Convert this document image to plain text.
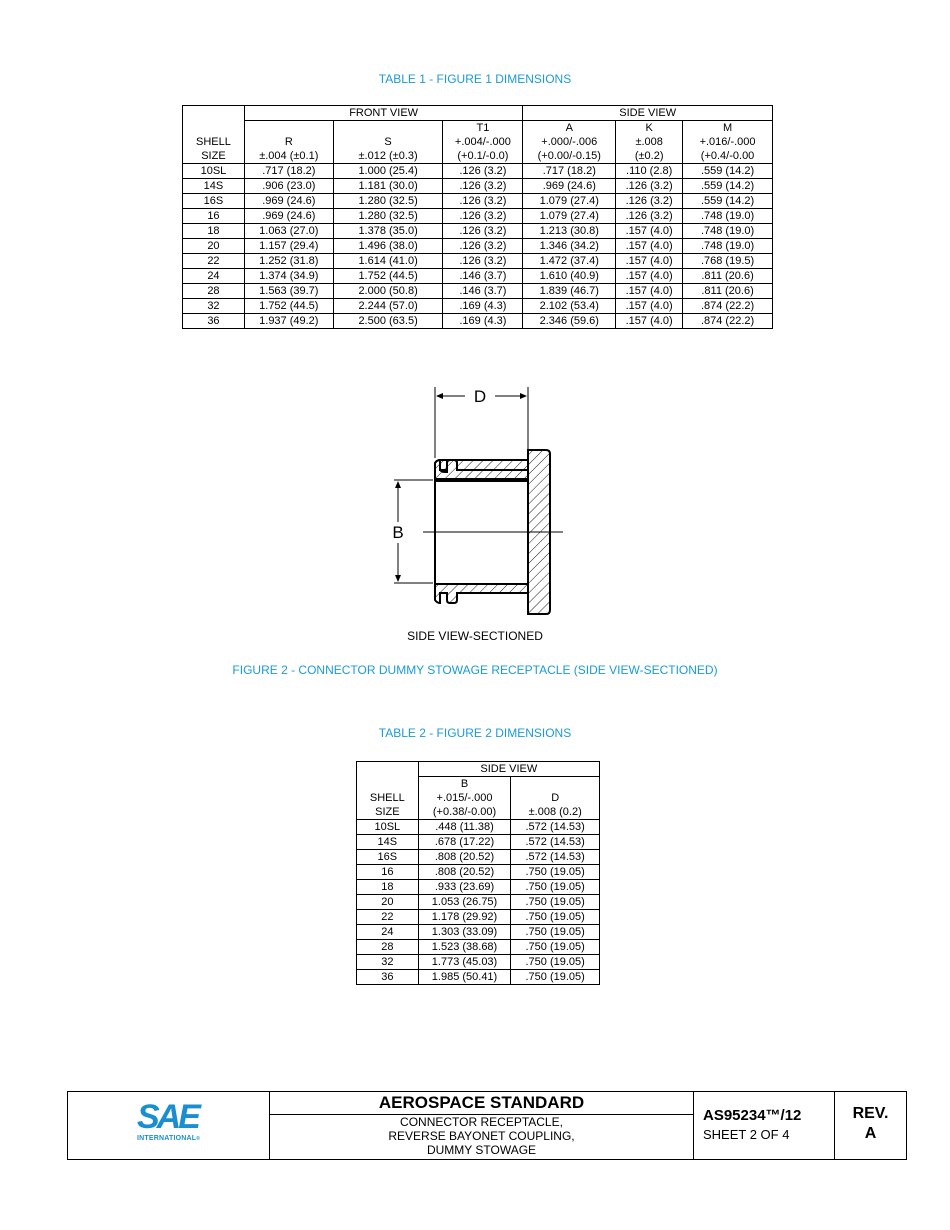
TABLE 1 - FIGURE 1 DIMENSIONS
	FRONT VIEW			SIDE VIEW		
			T1	A	K	M
SHELL	R	S	+.004/-.000	+.000/-.006	±.008	+.016/-.000
SIZE	±.004 (±0.1)	±.012 (±0.3)	(+0.1/-0.0)	(+0.00/-0.15)	(±0.2)	(+0.4/-0.00
10SL	.717 (18.2)	1.000 (25.4)	.126 (3.2)	.717 (18.2)	.110 (2.8)	.559 (14.2)
14S	.906 (23.0)	1.181 (30.0)	.126 (3.2)	.969 (24.6)	.126 (3.2)	.559 (14.2)
16S	.969 (24.6)	1.280 (32.5)	.126 (3.2)	1.079 (27.4)	.126 (3.2)	.559 (14.2)
16	.969 (24.6)	1.280 (32.5)	.126 (3.2)	1.079 (27.4)	.126 (3.2)	.748 (19.0)
18	1.063 (27.0)	1.378 (35.0)	.126 (3.2)	1.213 (30.8)	.157 (4.0)	.748 (19.0)
20	1.157 (29.4)	1.496 (38.0)	.126 (3.2)	1.346 (34.2)	.157 (4.0)	.748 (19.0)
22	1.252 (31.8)	1.614 (41.0)	.126 (3.2)	1.472 (37.4)	.157 (4.0)	.768 (19.5)
24	1.374 (34.9)	1.752 (44.5)	.146 (3.7)	1.610 (40.9)	.157 (4.0)	.811 (20.6)
28	1.563 (39.7)	2.000 (50.8)	.146 (3.7)	1.839 (46.7)	.157 (4.0)	.811 (20.6)
32	1.752 (44.5)	2.244 (57.0)	.169 (4.3)	2.102 (53.4)	.157 (4.0)	.874 (22.2)
36	1.937 (49.2)	2.500 (63.5)	.169 (4.3)	2.346 (59.6)	.157 (4.0)	.874 (22.2)
D
B
SIDE VIEW-SECTIONED
FIGURE 2 - CONNECTOR DUMMY STOWAGE RECEPTACLE (SIDE VIEW-SECTIONED)
TABLE 2 - FIGURE 2 DIMENSIONS
	SIDE VIEW	
	B	
SHELL	+.015/-.000	D
SIZE	(+0.38/-0.00)	±.008 (0.2)
10SL	.448 (11.38)	.572 (14.53)
14S	.678 (17.22)	.572 (14.53)
16S	.808 (20.52)	.572 (14.53)
16	.808 (20.52)	.750 (19.05)
18	.933 (23.69)	.750 (19.05)
20	1.053 (26.75)	.750 (19.05)
22	1.178 (29.92)	.750 (19.05)
24	1.303 (33.09)	.750 (19.05)
28	1.523 (38.68)	.750 (19.05)
32	1.773 (45.03)	.750 (19.05)
36	1.985 (50.41)	.750 (19.05)
SAE
INTERNATIONAL®
AEROSPACE STANDARD
CONNECTOR RECEPTACLE,
REVERSE BAYONET COUPLING,
DUMMY STOWAGE
AS95234™/12
SHEET 2 OF 4
REV.
A
